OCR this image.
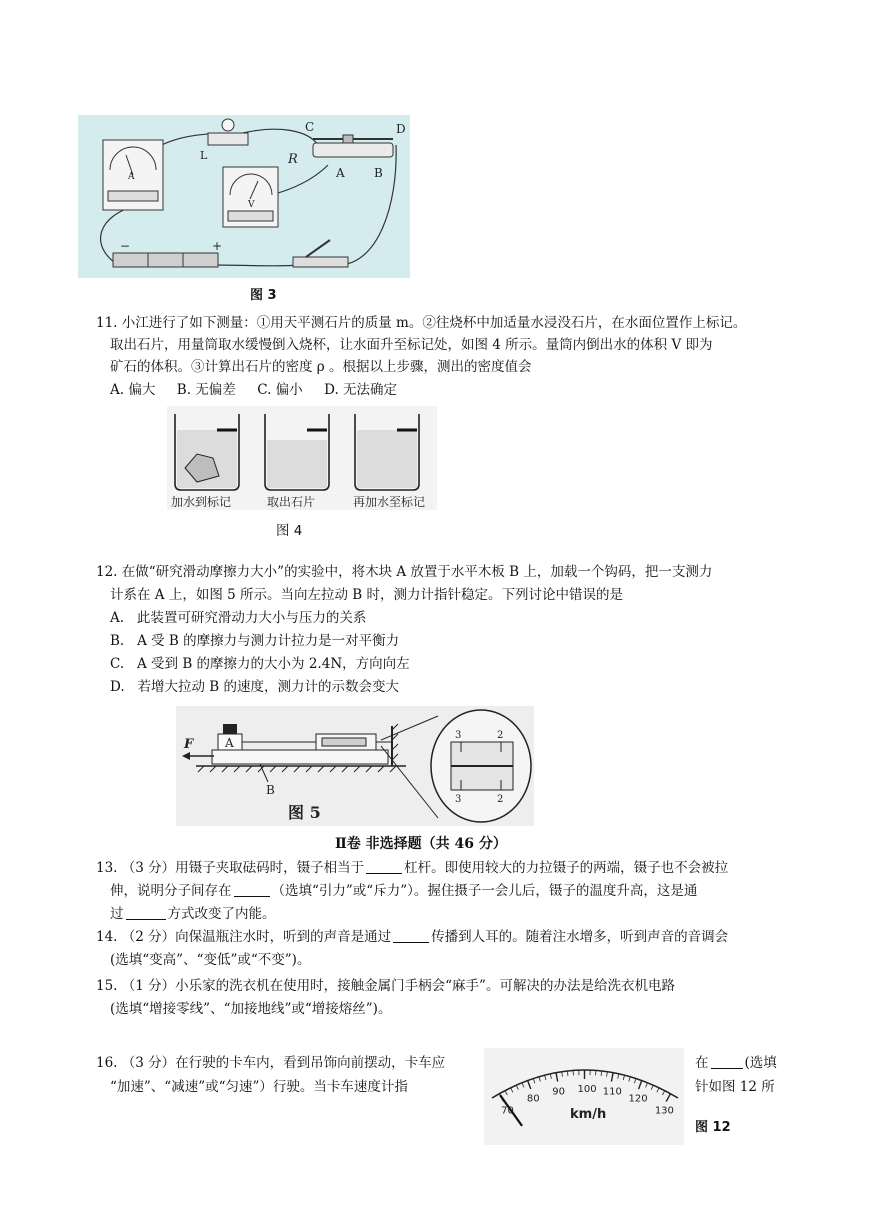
A
L
V
C	D
R
A B
−	+
图 3
11. 小江进行了如下测量：①用天平测石片的质量 m。②往烧杯中加适量水浸没石片，在水面位置作上标记。
取出石片，用量筒取水缓慢倒入烧杯，让水面升至标记处，如图 4 所示。量筒内倒出水的体积 V 即为
矿石的体积。③计算出石片的密度 ρ 。根据以上步骤，测出的密度值会
A. 偏大     B. 无偏差     C. 偏小     D. 无法确定
加水到标记	取出石片	再加水至标记
图 4
12. 在做“研究滑动摩擦力大小”的实验中，将木块 A 放置于水平木板 B 上，加载一个钩码，把一支测力
计系在 A 上，如图 5 所示。当向左拉动 B 时，测力计指针稳定。下列讨论中错误的是
A.   此装置可研究滑动力大小与压力的关系
B.   A 受 B 的摩擦力与测力计拉力是一对平衡力
C.   A 受到 B 的摩擦力的大小为 2.4N，方向向左
D.   若增大拉动 B 的速度，测力计的示数会变大
A
F
B
3	2
3	2
图 5
Ⅱ卷 非选择题（共 46 分）
13. （3 分）用镊子夹取砝码时，镊子相当于	杠杆。即使用较大的力拉镊子的两端，镊子也不会被拉
伸，说明分子间存在	（选填“引力”或“斥力”）。握住摄子一会儿后，镊子的温度升高，这是通
过	方式改变了内能。
14. （2 分）向保温瓶注水时，听到的声音是通过	传播到人耳的。随着注水增多，听到声音的音调会
(选填“变高”、“变低”或“不变”)。
15. （1 分）小乐家的洗衣机在使用时，接触金属门手柄会“麻手”。可解决的办法是给洗衣机电路
(选填“增接零线”、“加接地线”或“增接熔丝”)。
16. （3 分）在行驶的卡车内，看到吊饰向前摆动，卡车应	在	(选填
“加速”、“减速”或“匀速”）行驶。当卡车速度计指	针如图 12 所
图 12
70
80
90 100 110
120
130
km/h
